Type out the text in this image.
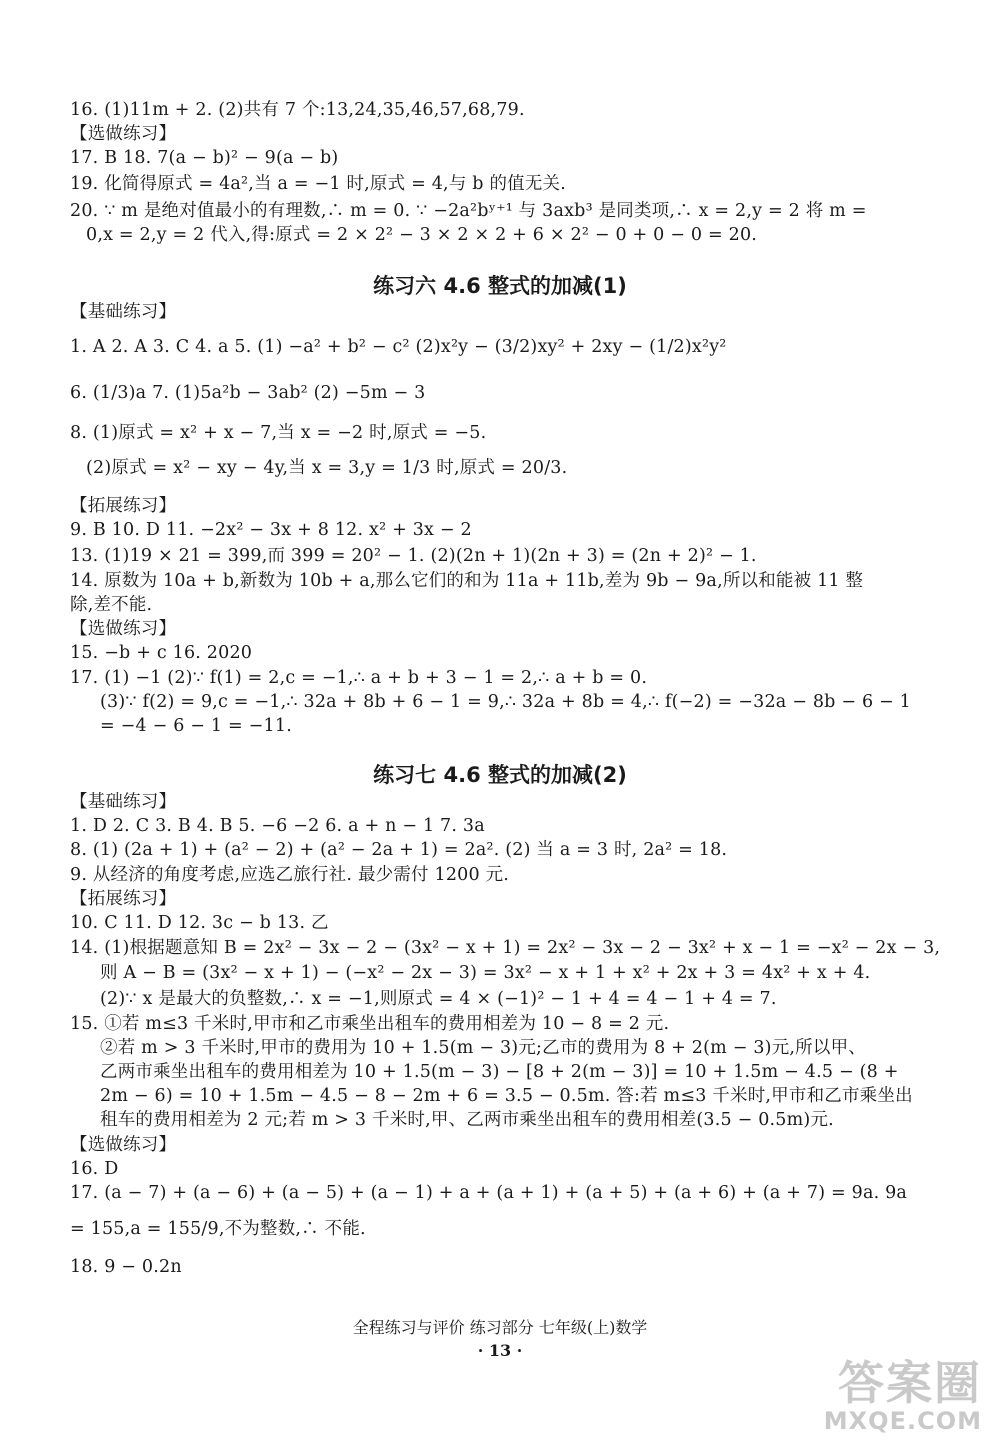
16. (1)11m + 2. (2)共有 7 个:13,24,35,46,57,68,79.
【选做练习】
17. B 18. 7(a − b)² − 9(a − b)
19. 化简得原式 = 4a²,当 a = −1 时,原式 = 4,与 b 的值无关.
20. ∵ m 是绝对值最小的有理数,∴ m = 0. ∵ −2a²bʸ⁺¹ 与 3axb³ 是同类项,∴ x = 2,y = 2 将 m =
0,x = 2,y = 2 代入,得:原式 = 2 × 2² − 3 × 2 × 2 + 6 × 2² − 0 + 0 − 0 = 20.
练习六 4.6 整式的加减(1)
【基础练习】
1. A 2. A 3. C 4. a 5. (1) −a² + b² − c² (2)x²y − (3/2)xy² + 2xy − (1/2)x²y²
6. (1/3)a 7. (1)5a²b − 3ab² (2) −5m − 3
8. (1)原式 = x² + x − 7,当 x = −2 时,原式 = −5.
(2)原式 = x² − xy − 4y,当 x = 3,y = 1/3 时,原式 = 20/3.
【拓展练习】
9. B 10. D 11. −2x² − 3x + 8 12. x² + 3x − 2
13. (1)19 × 21 = 399,而 399 = 20² − 1. (2)(2n + 1)(2n + 3) = (2n + 2)² − 1.
14. 原数为 10a + b,新数为 10b + a,那么它们的和为 11a + 11b,差为 9b − 9a,所以和能被 11 整
除,差不能.
【选做练习】
15. −b + c 16. 2020
17. (1) −1 (2)∵ f(1) = 2,c = −1,∴ a + b + 3 − 1 = 2,∴ a + b = 0.
(3)∵ f(2) = 9,c = −1,∴ 32a + 8b + 6 − 1 = 9,∴ 32a + 8b = 4,∴ f(−2) = −32a − 8b − 6 − 1
= −4 − 6 − 1 = −11.
练习七 4.6 整式的加减(2)
【基础练习】
1. D 2. C 3. B 4. B 5. −6 −2 6. a + n − 1 7. 3a
8. (1) (2a + 1) + (a² − 2) + (a² − 2a + 1) = 2a². (2) 当 a = 3 时, 2a² = 18.
9. 从经济的角度考虑,应选乙旅行社. 最少需付 1200 元.
【拓展练习】
10. C 11. D 12. 3c − b 13. 乙
14. (1)根据题意知 B = 2x² − 3x − 2 − (3x² − x + 1) = 2x² − 3x − 2 − 3x² + x − 1 = −x² − 2x − 3,
则 A − B = (3x² − x + 1) − (−x² − 2x − 3) = 3x² − x + 1 + x² + 2x + 3 = 4x² + x + 4.
(2)∵ x 是最大的负整数,∴ x = −1,则原式 = 4 × (−1)² − 1 + 4 = 4 − 1 + 4 = 7.
15. ①若 m≤3 千米时,甲市和乙市乘坐出租车的费用相差为 10 − 8 = 2 元.
②若 m > 3 千米时,甲市的费用为 10 + 1.5(m − 3)元;乙市的费用为 8 + 2(m − 3)元,所以甲、
乙两市乘坐出租车的费用相差为 10 + 1.5(m − 3) − [8 + 2(m − 3)] = 10 + 1.5m − 4.5 − (8 +
2m − 6) = 10 + 1.5m − 4.5 − 8 − 2m + 6 = 3.5 − 0.5m. 答:若 m≤3 千米时,甲市和乙市乘坐出
租车的费用相差为 2 元;若 m > 3 千米时,甲、乙两市乘坐出租车的费用相差(3.5 − 0.5m)元.
【选做练习】
16. D
17. (a − 7) + (a − 6) + (a − 5) + (a − 1) + a + (a + 1) + (a + 5) + (a + 6) + (a + 7) = 9a. 9a
= 155,a = 155/9,不为整数,∴ 不能.
18. 9 − 0.2n
全程练习与评价 练习部分 七年级(上)数学
· 13 ·
答案圈
MXQE.COM
